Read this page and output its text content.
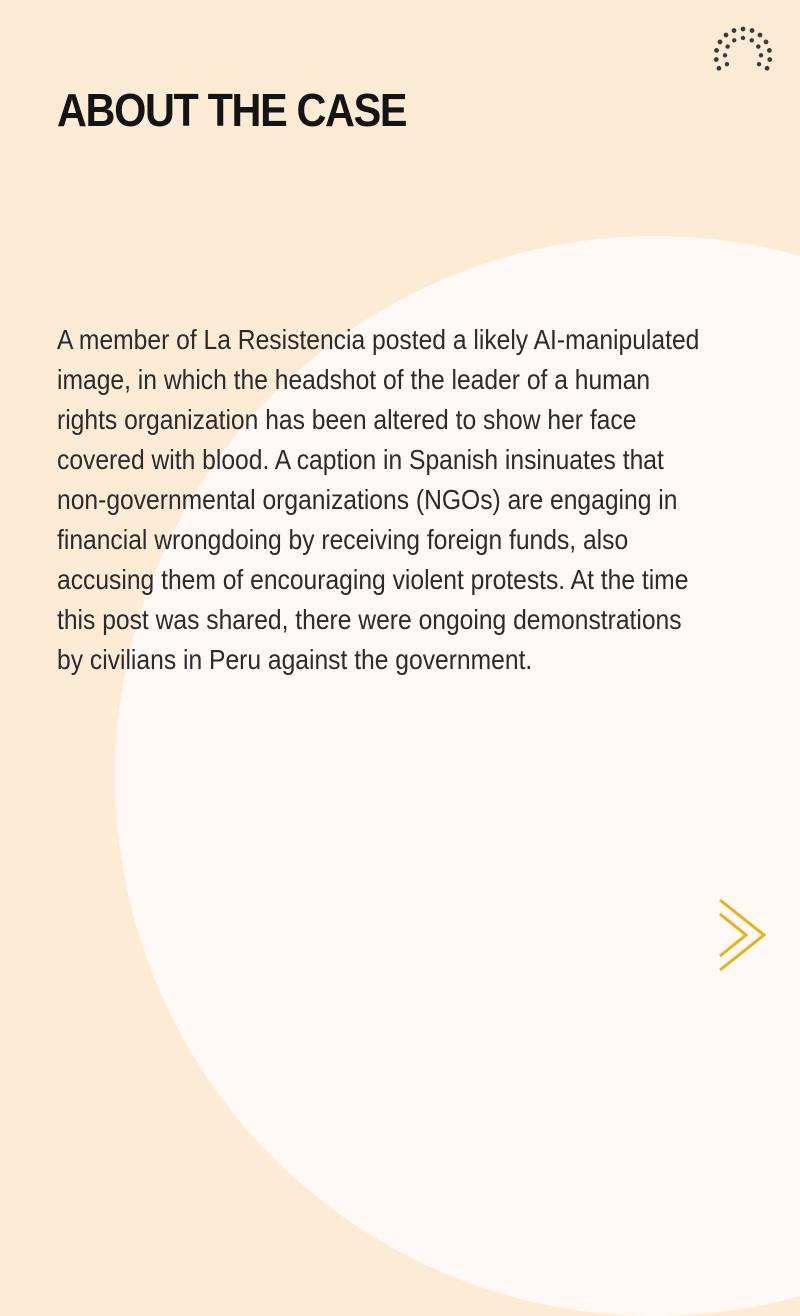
ABOUT THE CASE

A member of La Resistencia posted a likely AI-manipulated image, in which the headshot of the leader of a human rights organization has been altered to show her face covered with blood. A caption in Spanish insinuates that non-governmental organizations (NGOs) are engaging in financial wrongdoing by receiving foreign funds, also accusing them of encouraging violent protests. At the time this post was shared, there were ongoing demonstrations by civilians in Peru against the government.
